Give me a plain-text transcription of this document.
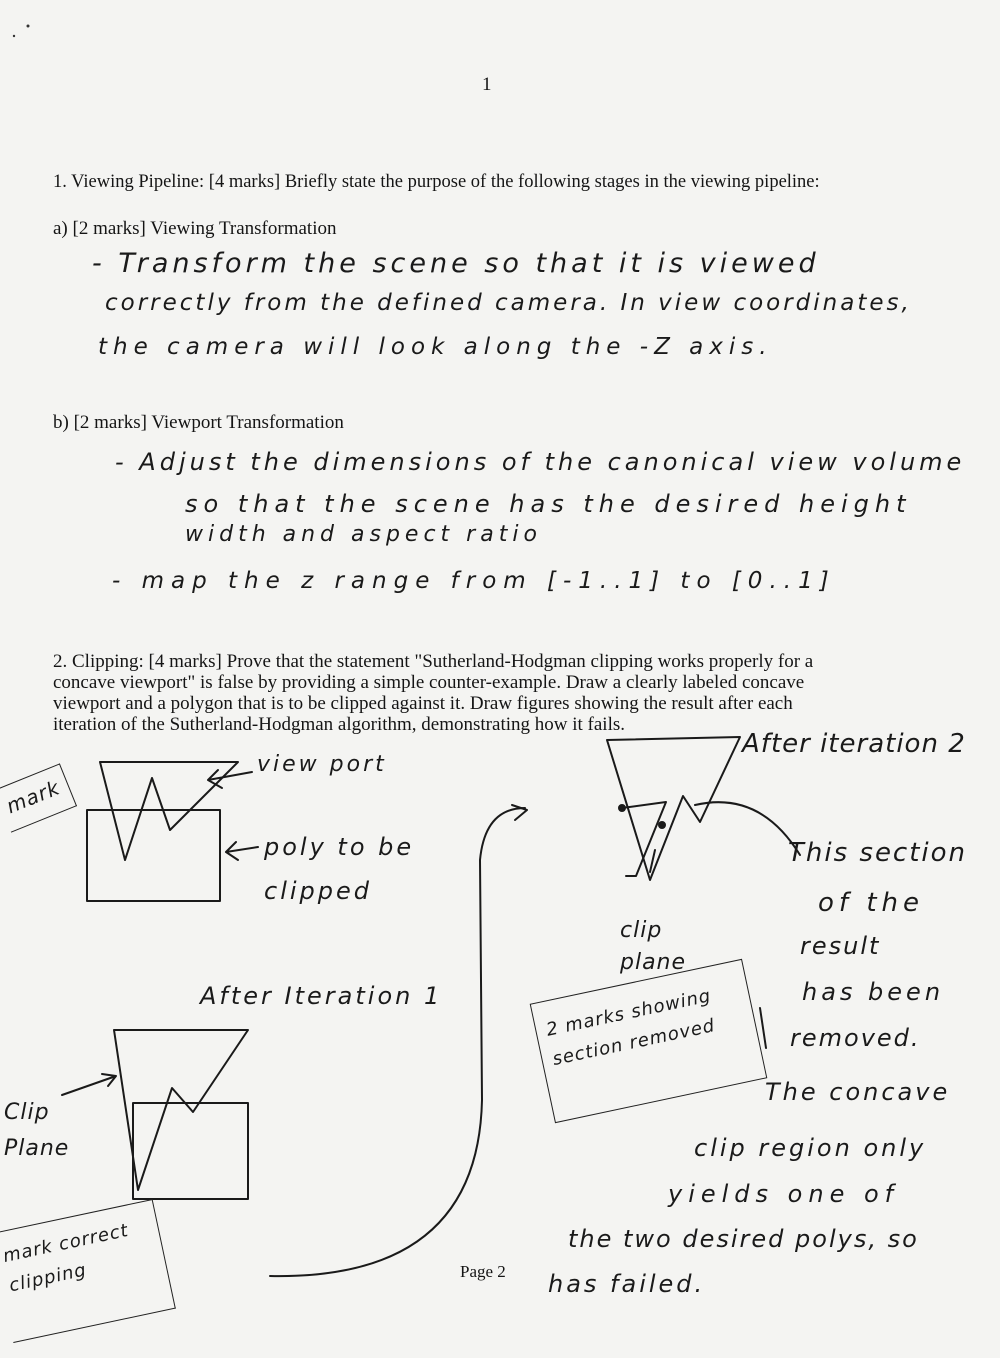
1
1. Viewing Pipeline: [4 marks] Briefly state the purpose of the following stages in the viewing pipeline:
a) [2 marks] Viewing Transformation
- Transform the scene so that it is viewed
correctly from the defined camera. In view coordinates,
the camera will look along the -Z axis.
b) [2 marks] Viewport Transformation
- Adjust the dimensions of the canonical view volume
so that the scene has the desired height
width and aspect ratio
- map the z range from [-1..1] to [0..1]
2. Clipping: [4 marks] Prove that the statement "Sutherland-Hodgman clipping works properly for a
concave viewport" is false by providing a simple counter-example. Draw a clearly labeled concave
viewport and a polygon that is to be clipped against it. Draw figures showing the result after each
iteration of the Sutherland-Hodgman algorithm, demonstrating how it fails.
view port
poly to be clipped
mark
After Iteration 1
After iteration 2
Clip Plane
clip plane
2 marks showing section removed
mark correct clipping
This section
of the
result
has been
removed.
The concave
clip region only
yields one of
the two desired polys, so
has failed.
Page 2
